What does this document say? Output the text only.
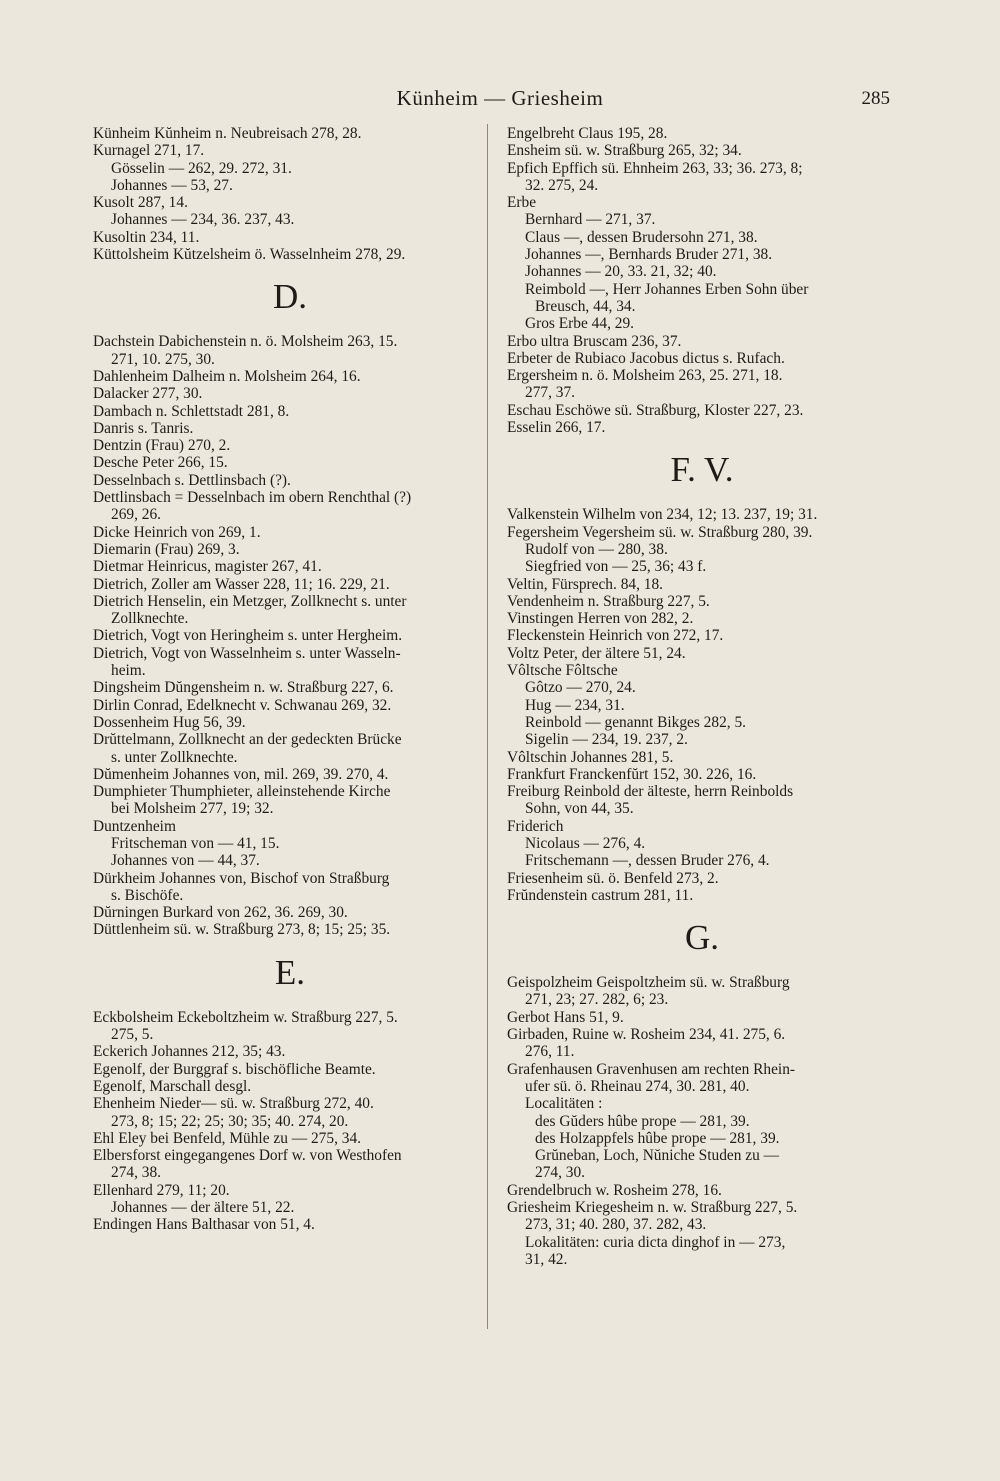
Künheim — Griesheim	285
Künheim Kŭnheim n. Neubreisach 278, 28.
Kurnagel 271, 17.
Gösselin — 262, 29. 272, 31.
Johannes — 53, 27.
Kusolt 287, 14.
Johannes — 234, 36. 237, 43.
Kusoltin 234, 11.
Küttolsheim Kŭtzelsheim ö. Wasselnheim 278, 29.
D.
Dachstein Dabichenstein n. ö. Molsheim 263, 15.
271, 10. 275, 30.
Dahlenheim Dalheim n. Molsheim 264, 16.
Dalacker 277, 30.
Dambach n. Schlettstadt 281, 8.
Danris s. Tanris.
Dentzin (Frau) 270, 2.
Desche Peter 266, 15.
Desselnbach s. Dettlinsbach (?).
Dettlinsbach = Desselnbach im obern Renchthal (?)
269, 26.
Dicke Heinrich von 269, 1.
Diemarin (Frau) 269, 3.
Dietmar Heinricus, magister 267, 41.
Dietrich, Zoller am Wasser 228, 11; 16. 229, 21.
Dietrich Henselin, ein Metzger, Zollknecht s. unter
Zollknechte.
Dietrich, Vogt von Heringheim s. unter Hergheim.
Dietrich, Vogt von Wasselnheim s. unter Wasseln-
heim.
Dingsheim Dŭngensheim n. w. Straßburg 227, 6.
Dirlin Conrad, Edelknecht v. Schwanau 269, 32.
Dossenheim Hug 56, 39.
Drŭttelmann, Zollknecht an der gedeckten Brücke
s. unter Zollknechte.
Dŭmenheim Johannes von, mil. 269, 39. 270, 4.
Dumphieter Thumphieter, alleinstehende Kirche
bei Molsheim 277, 19; 32.
Duntzenheim
Fritscheman von — 41, 15.
Johannes von — 44, 37.
Dürkheim Johannes von, Bischof von Straßburg
s. Bischöfe.
Dŭrningen Burkard von 262, 36. 269, 30.
Düttlenheim sü. w. Straßburg 273, 8; 15; 25; 35.
E.
Eckbolsheim Eckeboltzheim w. Straßburg 227, 5.
275, 5.
Eckerich Johannes 212, 35; 43.
Egenolf, der Burggraf s. bischöfliche Beamte.
Egenolf, Marschall desgl.
Ehenheim Nieder— sü. w. Straßburg 272, 40.
273, 8; 15; 22; 25; 30; 35; 40. 274, 20.
Ehl Eley bei Benfeld, Mühle zu — 275, 34.
Elbersforst eingegangenes Dorf w. von Westhofen
274, 38.
Ellenhard 279, 11; 20.
Johannes — der ältere 51, 22.
Endingen Hans Balthasar von 51, 4.
Engelbreht Claus 195, 28.
Ensheim sü. w. Straßburg 265, 32; 34.
Epfich Epffich sü. Ehnheim 263, 33; 36. 273, 8;
32. 275, 24.
Erbe
Bernhard — 271, 37.
Claus —, dessen Brudersohn 271, 38.
Johannes —, Bernhards Bruder 271, 38.
Johannes — 20, 33. 21, 32; 40.
Reimbold —, Herr Johannes Erben Sohn über
Breusch, 44, 34.
Gros Erbe 44, 29.
Erbo ultra Bruscam 236, 37.
Erbeter de Rubiaco Jacobus dictus s. Rufach.
Ergersheim n. ö. Molsheim 263, 25. 271, 18.
277, 37.
Eschau Eschöwe sü. Straßburg, Kloster 227, 23.
Esselin 266, 17.
F. V.
Valkenstein Wilhelm von 234, 12; 13. 237, 19; 31.
Fegersheim Vegersheim sü. w. Straßburg 280, 39.
Rudolf von — 280, 38.
Siegfried von — 25, 36; 43 f.
Veltin, Fürsprech. 84, 18.
Vendenheim n. Straßburg 227, 5.
Vinstingen Herren von 282, 2.
Fleckenstein Heinrich von 272, 17.
Voltz Peter, der ältere 51, 24.
Vôltsche Fôltsche
Gôtzo — 270, 24.
Hug — 234, 31.
Reinbold — genannt Bikges 282, 5.
Sigelin — 234, 19. 237, 2.
Vôltschin Johannes 281, 5.
Frankfurt Franckenfŭrt 152, 30. 226, 16.
Freiburg Reinbold der älteste, herrn Reinbolds
Sohn, von 44, 35.
Friderich
Nicolaus — 276, 4.
Fritschemann —, dessen Bruder 276, 4.
Friesenheim sü. ö. Benfeld 273, 2.
Frŭndenstein castrum 281, 11.
G.
Geispolzheim Geispoltzheim sü. w. Straßburg
271, 23; 27. 282, 6; 23.
Gerbot Hans 51, 9.
Girbaden, Ruine w. Rosheim 234, 41. 275, 6.
276, 11.
Grafenhausen Gravenhusen am rechten Rhein-
ufer sü. ö. Rheinau 274, 30. 281, 40.
Localitäten :
des Gŭders hûbe prope — 281, 39.
des Holzappfels hûbe prope — 281, 39.
Grŭneban, Loch, Nŭniche Studen zu —
274, 30.
Grendelbruch w. Rosheim 278, 16.
Griesheim Kriegesheim n. w. Straßburg 227, 5.
273, 31; 40. 280, 37. 282, 43.
Lokalitäten: curia dicta dinghof in — 273,
31, 42.
